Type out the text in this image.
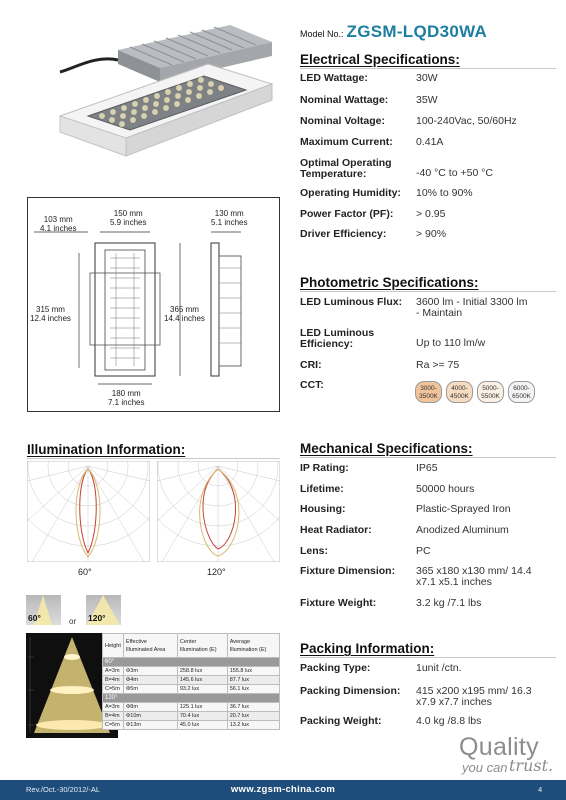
Model No.: ZGSM-LQD30WA
103 mm
4.1 inches
150 mm
5.9 inches
130 mm
5.1 inches
315 mm
12.4 inches
365 mm
14.4 inches
180 mm
7.1 inches
Illumination Information:
60°	120°
60°	or 120°
Height	Effective Illuminated Area	Center Illumination (E)	Average Illumination (E)
60°			
A=3m	Φ3m	258.8 lux	155.8 lux
B=4m	Φ4m	145.6 lux	87.7 lux
C=5m	Φ5m	93.2 lux	56.1 lux
120°			
A=3m	Φ8m	125.1 lux	36.7 lux
B=4m	Φ10m	70.4 lux	20.7 lux
C=5m	Φ13m	45.0 lux	13.2 lux
Electrical Specifications:
LED Wattage:	30W
Nominal Wattage:	35W
Nominal Voltage:	100-240Vac, 50/60Hz
Maximum Current:	0.41A
Optimal Operating Temperature:	-40 °C to +50 °C
Operating Humidity:	10% to 90%
Power Factor (PF):	> 0.95
Driver Efficiency:	> 90%
Photometric Specifications:
LED Luminous Flux:	3600 lm - Initial 3300 lm - Maintain
LED Luminous Efficiency:	Up to 110 lm/w
CRI:	Ra >= 75
CCT:	3000-3500K
4000-4500K
5000-5500K
6000-6500K
Mechanical Specifications:
IP Rating:	IP65
Lifetime:	50000 hours
Housing:	Plastic-Sprayed Iron
Heat Radiator:	Anodized Aluminum
Lens:	PC
Fixture Dimension:	365 x180 x130 mm/ 14.4 x7.1 x5.1 inches
Fixture Weight:	3.2 kg /7.1 lbs
Packing Information:
Packing Type:	1unit /ctn.
Packing Dimension:	415 x200 x195 mm/ 16.3 x7.9 x7.7 inches
Packing Weight:	4.0 kg /8.8 lbs
Quality
you can trust.
Rev./Oct.-30/2012/-AL	www.zgsm-china.com	4
